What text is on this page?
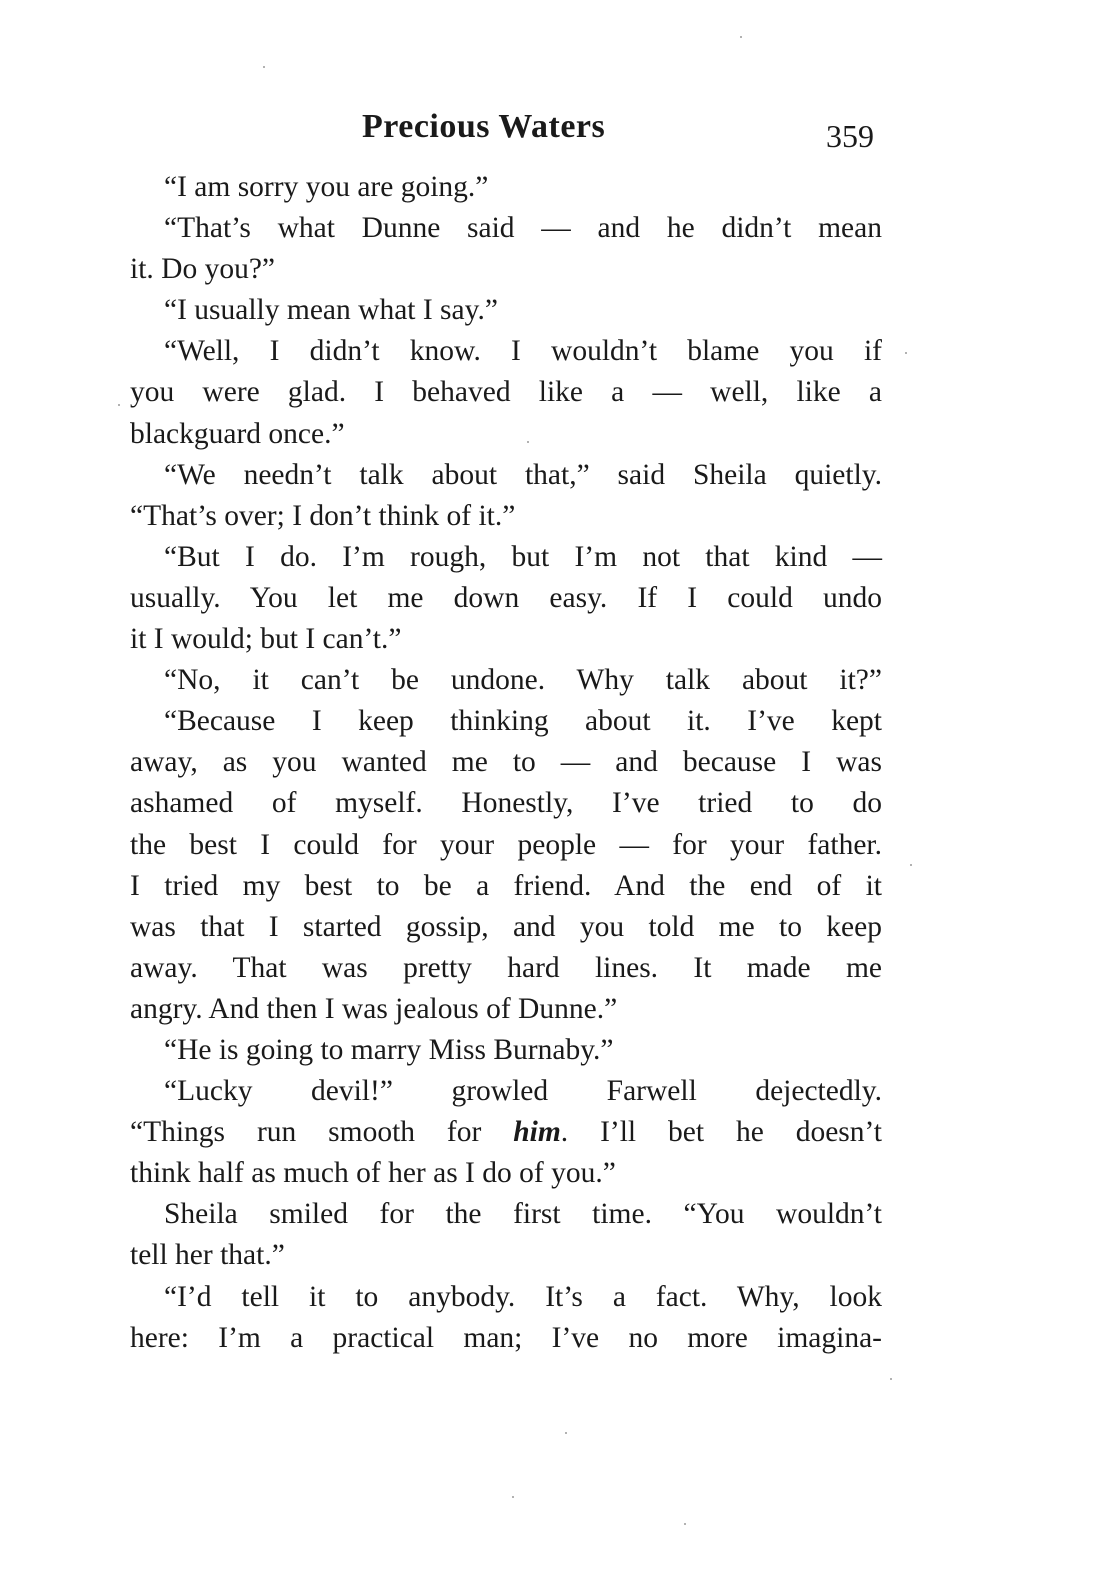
Precious Waters	359
“I am sorry you are going.”
“That’s what Dunne said — and he didn’t mean
it. Do you?”
“I usually mean what I say.”
“Well, I didn’t know. I wouldn’t blame you if
you were glad. I behaved like a — well, like a
blackguard once.”
“We needn’t talk about that,” said Sheila quietly.
“That’s over; I don’t think of it.”
“But I do. I’m rough, but I’m not that kind —
usually. You let me down easy. If I could undo
it I would; but I can’t.”
“No, it can’t be undone. Why talk about it?”
“Because I keep thinking about it. I’ve kept
away, as you wanted me to — and because I was
ashamed of myself. Honestly, I’ve tried to do
the best I could for your people — for your father.
I tried my best to be a friend. And the end of it
was that I started gossip, and you told me to keep
away. That was pretty hard lines. It made me
angry. And then I was jealous of Dunne.”
“He is going to marry Miss Burnaby.”
“Lucky devil!” growled Farwell dejectedly.
“Things run smooth for him. I’ll bet he doesn’t
think half as much of her as I do of you.”
Sheila smiled for the first time. “You wouldn’t
tell her that.”
“I’d tell it to anybody. It’s a fact. Why, look
here: I’m a practical man; I’ve no more imagina-
